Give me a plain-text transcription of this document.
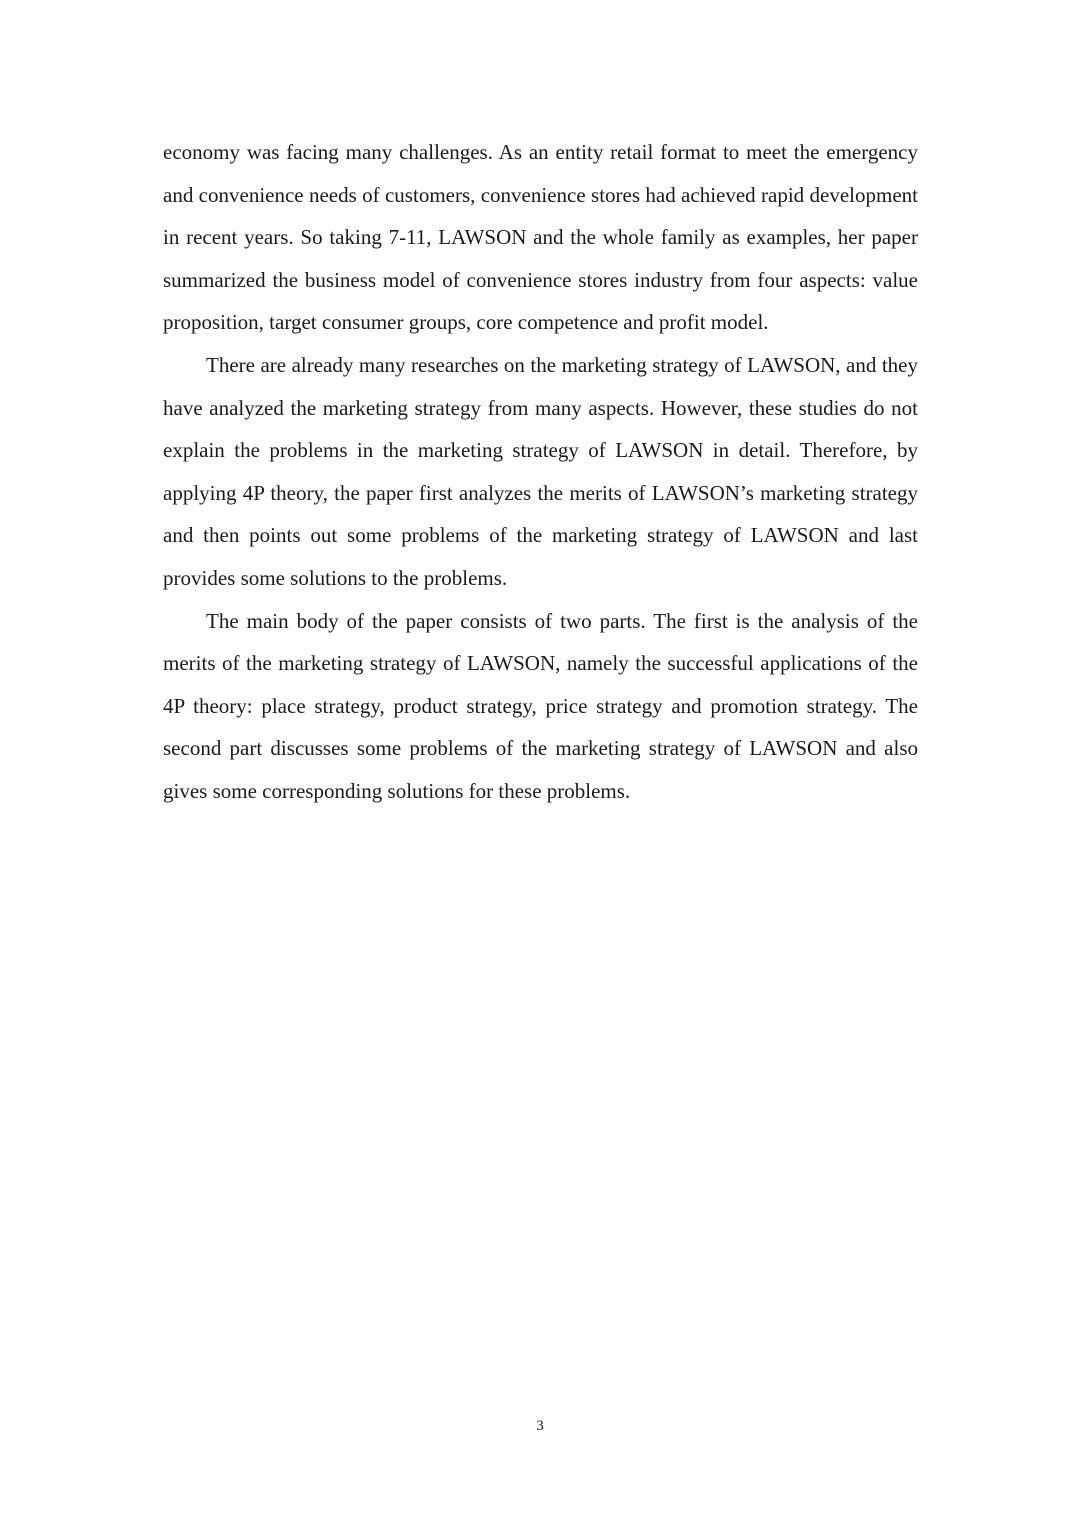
economy was facing many challenges. As an entity retail format to meet the emergency and convenience needs of customers, convenience stores had achieved rapid development in recent years. So taking 7-11, LAWSON and the whole family as examples, her paper summarized the business model of convenience stores industry from four aspects: value proposition, target consumer groups, core competence and profit model.

There are already many researches on the marketing strategy of LAWSON, and they have analyzed the marketing strategy from many aspects. However, these studies do not explain the problems in the marketing strategy of LAWSON in detail. Therefore, by applying 4P theory, the paper first analyzes the merits of LAWSON’s marketing strategy and then points out some problems of the marketing strategy of LAWSON and last provides some solutions to the problems.

The main body of the paper consists of two parts. The first is the analysis of the merits of the marketing strategy of LAWSON, namely the successful applications of the 4P theory: place strategy, product strategy, price strategy and promotion strategy. The second part discusses some problems of the marketing strategy of LAWSON and also gives some corresponding solutions for these problems.

3
